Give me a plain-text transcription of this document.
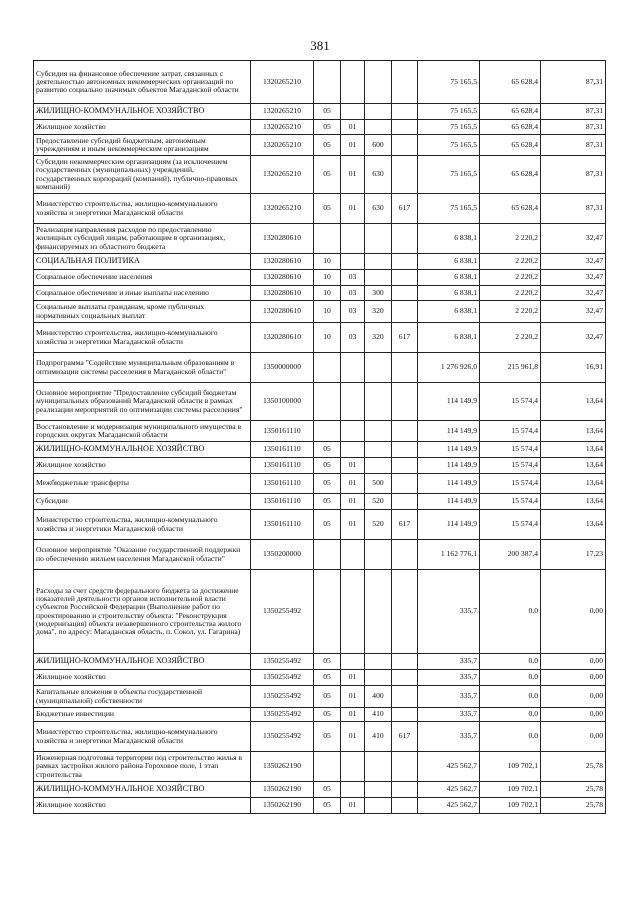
381
Субсидия на финансовое обеспечение затрат, связанных с деятельностью автономных некоммерческих организаций по развитию социально значимых объектов Магаданской области	1320265210					75 165,5	65 628,4	87,31
ЖИЛИЩНО-КОММУНАЛЬНОЕ ХОЗЯЙСТВО	1320265210	05				75 165,5	65 628,4	87,31
Жилищное хозяйство	1320265210	05	01			75 165,5	65 628,4	87,31
Предоставление субсидий бюджетным, автономным учреждениям и иным некоммерческим организациям	1320265210	05	01	600		75 165,5	65 628,4	87,31
Субсидии некоммерческим организациям (за исключением государственных (муниципальных) учреждений, государственных корпораций (компаний), публично-правовых компаний)	1320265210	05	01	630		75 165,5	65 628,4	87,31
Министерство строительства, жилищно-коммунального хозяйства и энергетики Магаданской области	1320265210	05	01	630	617	75 165,5	65 628,4	87,31
Реализация направления расходов по предоставлению жилищных субсидий лицам, работающим в организациях, финансируемых из областного бюджета	1320280610					6 838,1	2 220,2	32,47
СОЦИАЛЬНАЯ ПОЛИТИКА	1320280610	10				6 838,1	2 220,2	32,47
Социальное обеспечение населения	1320280610	10	03			6 838,1	2 220,2	32,47
Социальное обеспечение и иные выплаты населению	1320280610	10	03	300		6 838,1	2 220,2	32,47
Социальные выплаты гражданам, кроме публичных нормативных социальных выплат	1320280610	10	03	320		6 838,1	2 220,2	32,47
Министерство строительства, жилищно-коммунального хозяйства и энергетики Магаданской области	1320280610	10	03	320	617	6 838,1	2 220,2	32,47
Подпрограмма "Содействие муниципальным образованиям в оптимизации системы расселения в Магаданской области"	1350000000					1 276 926,0	215 961,8	16,91
Основное мероприятие "Предоставление субсидий бюджетам муниципальных образований Магаданской области в рамках реализации мероприятий по оптимизации системы расселения"	1350100000					114 149,9	15 574,4	13,64
Восстановление и модернизация муниципального имущества в городских округах Магаданской области	1350161110					114 149,9	15 574,4	13,64
ЖИЛИЩНО-КОММУНАЛЬНОЕ ХОЗЯЙСТВО	1350161110	05				114 149,9	15 574,4	13,64
Жилищное хозяйство	1350161110	05	01			114 149,9	15 574,4	13,64
Межбюджетные трансферты	1350161110	05	01	500		114 149,9	15 574,4	13,64
Субсидии	1350161110	05	01	520		114 149,9	15 574,4	13,64
Министерство строительства, жилищно-коммунального хозяйства и энергетики Магаданской области	1350161110	05	01	520	617	114 149,9	15 574,4	13,64
Основное мероприятие "Оказание государственной поддержки по обеспечению жильем населения Магаданской области"	1350200000					1 162 776,1	200 387,4	17,23
Расходы за счет средств федерального бюджета за достижение показателей деятельности органов исполнительной власти субъектов Российской Федерации (Выполнение работ по проектированию и строительству объекта: "Реконструкция (модернизация) объекта незавершенного строительства жилого дома", по адресу: Магаданская область, п. Сокол, ул. Гагарина)	1350255492					335,7	0,0	0,00
ЖИЛИЩНО-КОММУНАЛЬНОЕ ХОЗЯЙСТВО	1350255492	05				335,7	0,0	0,00
Жилищное хозяйство	1350255492	05	01			335,7	0,0	0,00
Капитальные вложения в объекты государственной (муниципальной) собственности	1350255492	05	01	400		335,7	0,0	0,00
Бюджетные инвестиции	1350255492	05	01	410		335,7	0,0	0,00
Министерство строительства, жилищно-коммунального хозяйства и энергетики Магаданской области	1350255492	05	01	410	617	335,7	0,0	0,00
Инженерная подготовка территории под строительство жилья в рамках застройки жилого района Гороховое поле, 1 этап строительства	1350262190					425 562,7	109 702,1	25,78
ЖИЛИЩНО-КОММУНАЛЬНОЕ ХОЗЯЙСТВО	1350262190	05				425 562,7	109 702,1	25,78
Жилищное хозяйство	1350262190	05	01			425 562,7	109 702,1	25,78
